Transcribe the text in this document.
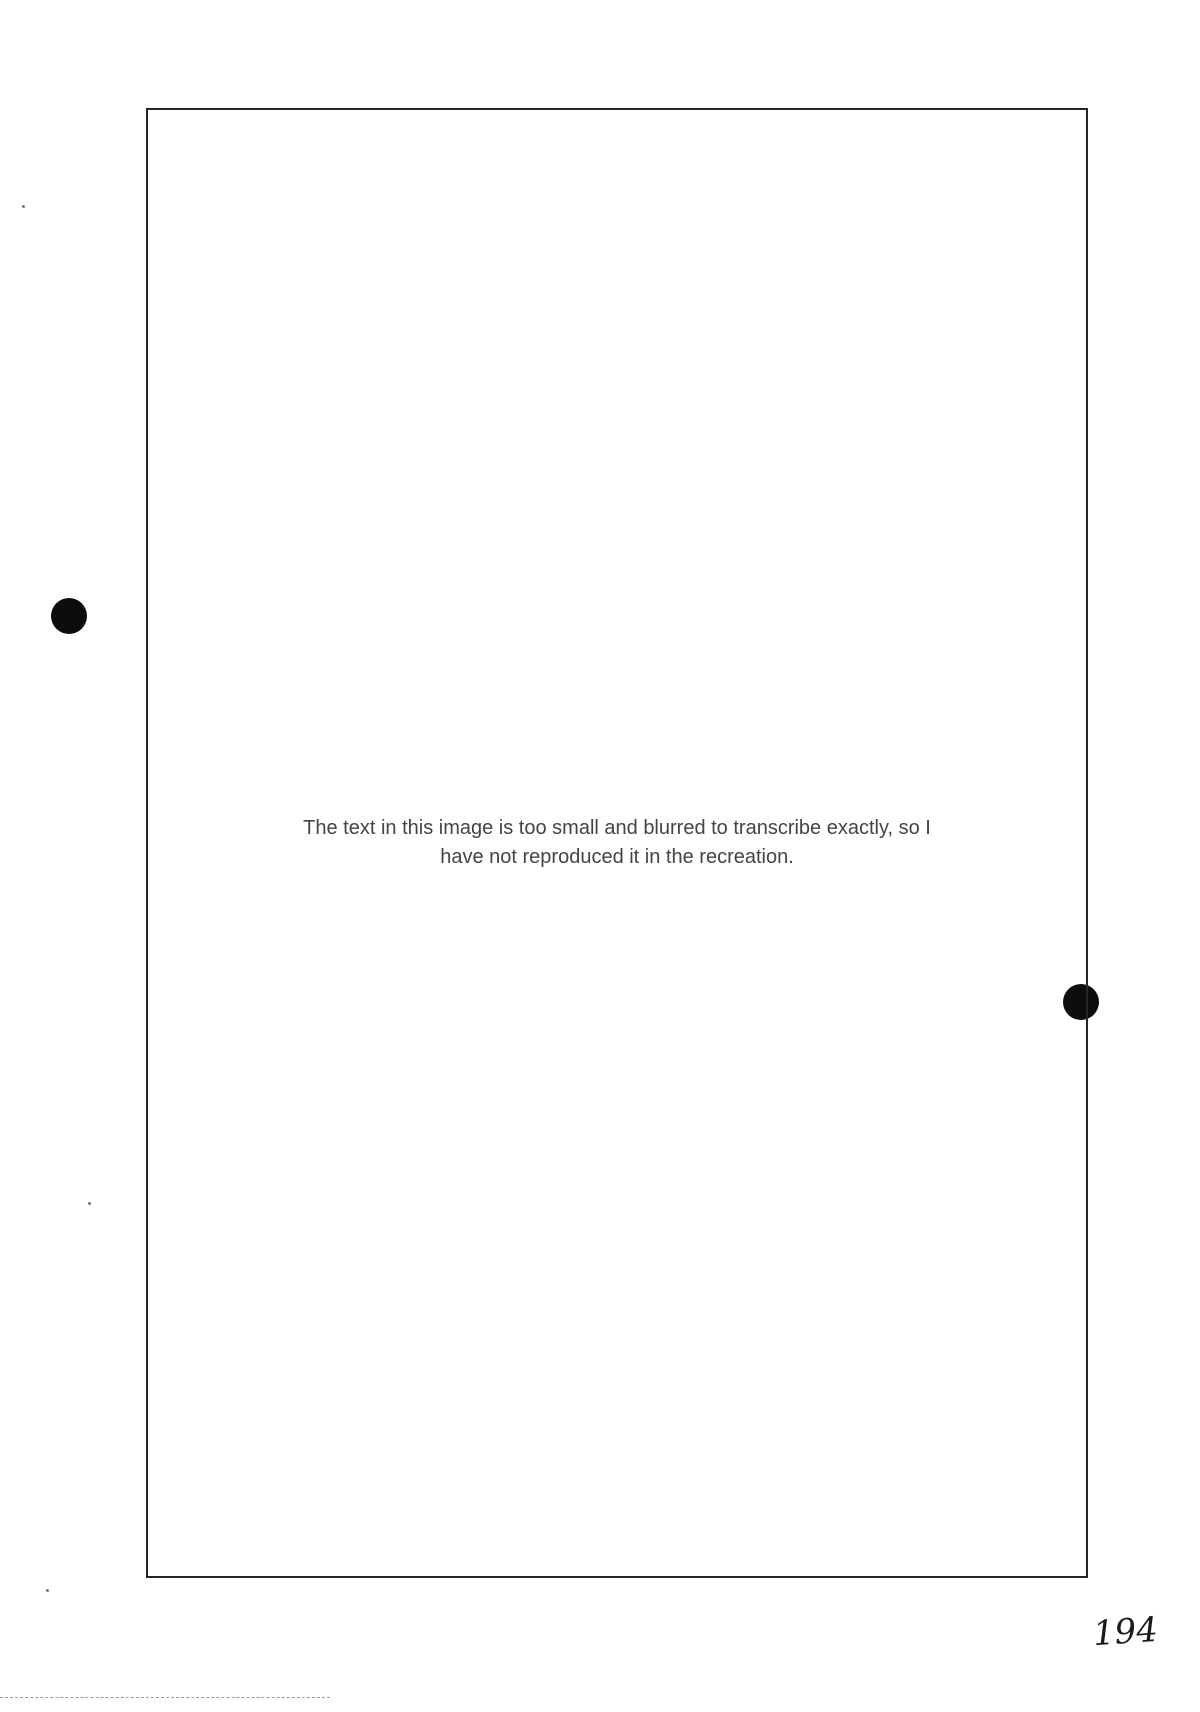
The text in this image is too small and blurred to transcribe exactly, so I have not reproduced it in the recreation.
194
